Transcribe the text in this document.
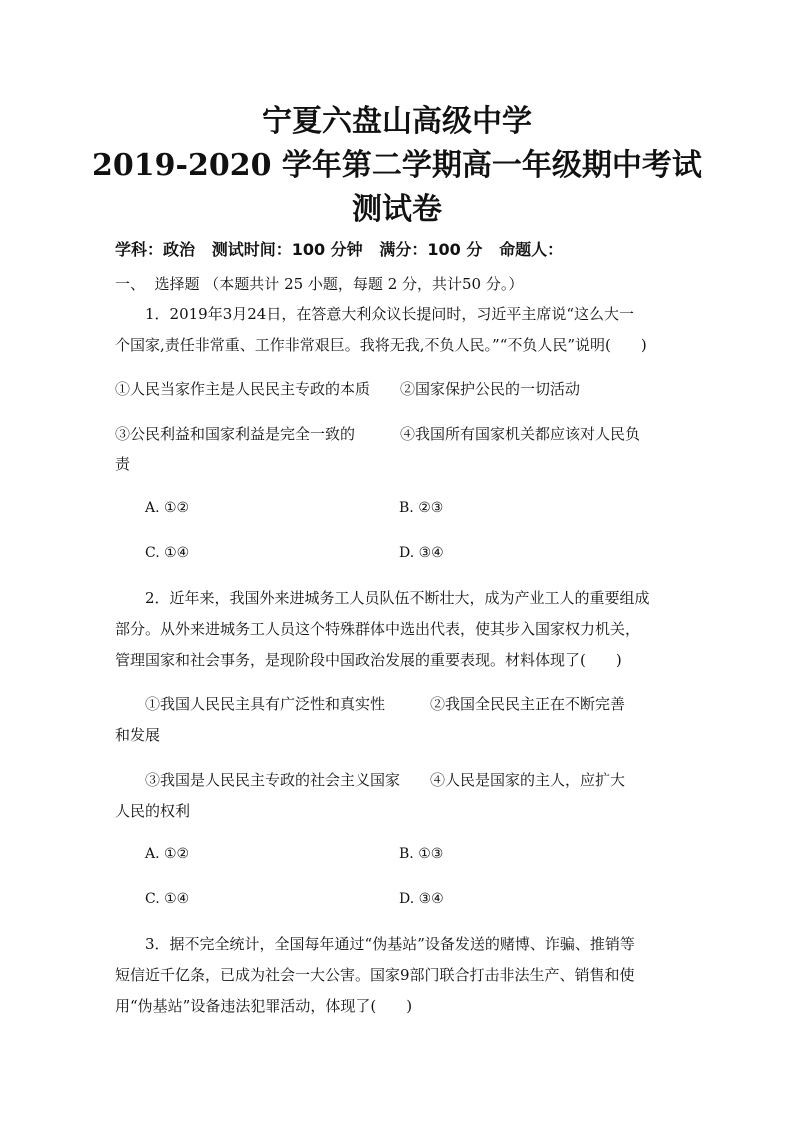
宁夏六盘山高级中学
2019-2020 学年第二学期高一年级期中考试
测试卷
学科：政治   测试时间：100 分钟   满分：100 分   命题人：
一、  选择题 （本题共计 25 小题，每题 2 分，共计50 分。）
1．2019年3月24日，在答意大利众议长提问时，习近平主席说“这么大一
个国家,责任非常重、工作非常艰巨。我将无我,不负人民。”“不负人民”说明(　　)
①人民当家作主是人民民主专政的本质　　②国家保护公民的一切活动
③公民利益和国家利益是完全一致的　　　④我国所有国家机关都应该对人民负
责
A. ①②	B. ②③
C. ①④	D. ③④
2．近年来，我国外来进城务工人员队伍不断壮大，成为产业工人的重要组成
部分。从外来进城务工人员这个特殊群体中选出代表，使其步入国家权力机关，
管理国家和社会事务，是现阶段中国政治发展的重要表现。材料体现了(　　)
①我国人民民主具有广泛性和真实性　　　②我国全民民主正在不断完善
和发展
③我国是人民民主专政的社会主义国家　　④人民是国家的主人，应扩大
人民的权利
A. ①②	B. ①③
C. ①④	D. ③④
3．据不完全统计，全国每年通过“伪基站”设备发送的赌博、诈骗、推销等
短信近千亿条，已成为社会一大公害。国家9部门联合打击非法生产、销售和使
用“伪基站”设备违法犯罪活动，体现了(　　)
